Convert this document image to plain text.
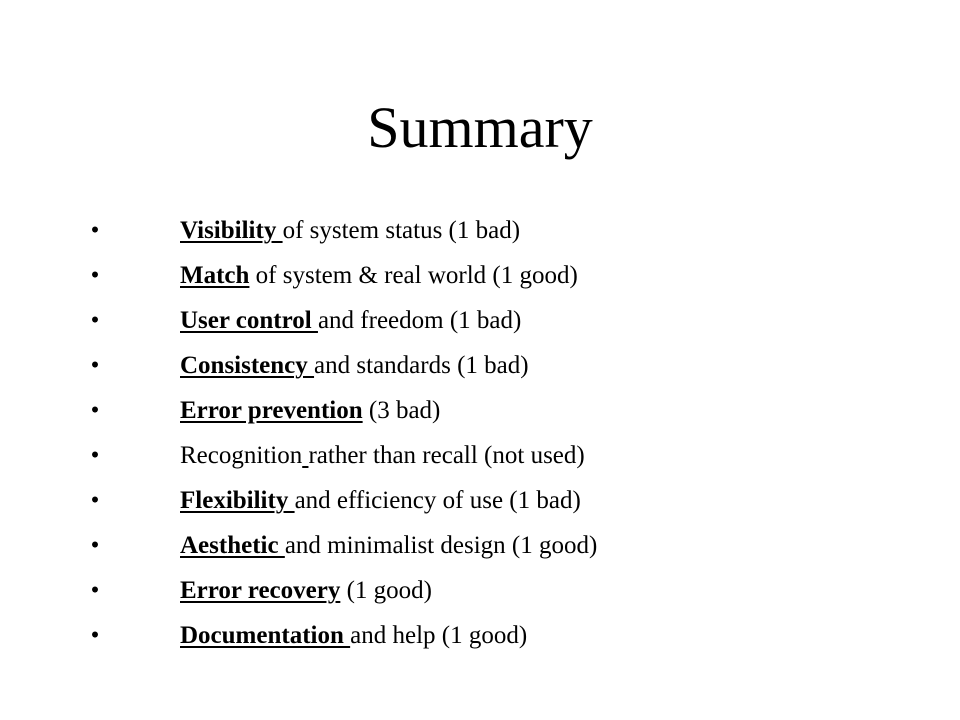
Summary
•	Visibility of system status (1 bad)
•	Match of system & real world (1 good)
•	User control and freedom (1 bad)
•	Consistency and standards (1 bad)
•	Error prevention (3 bad)
•	Recognition rather than recall (not used)
•	Flexibility and efficiency of use (1 bad)
•	Aesthetic and minimalist design (1 good)
•	Error recovery (1 good)
•	Documentation and help (1 good)
